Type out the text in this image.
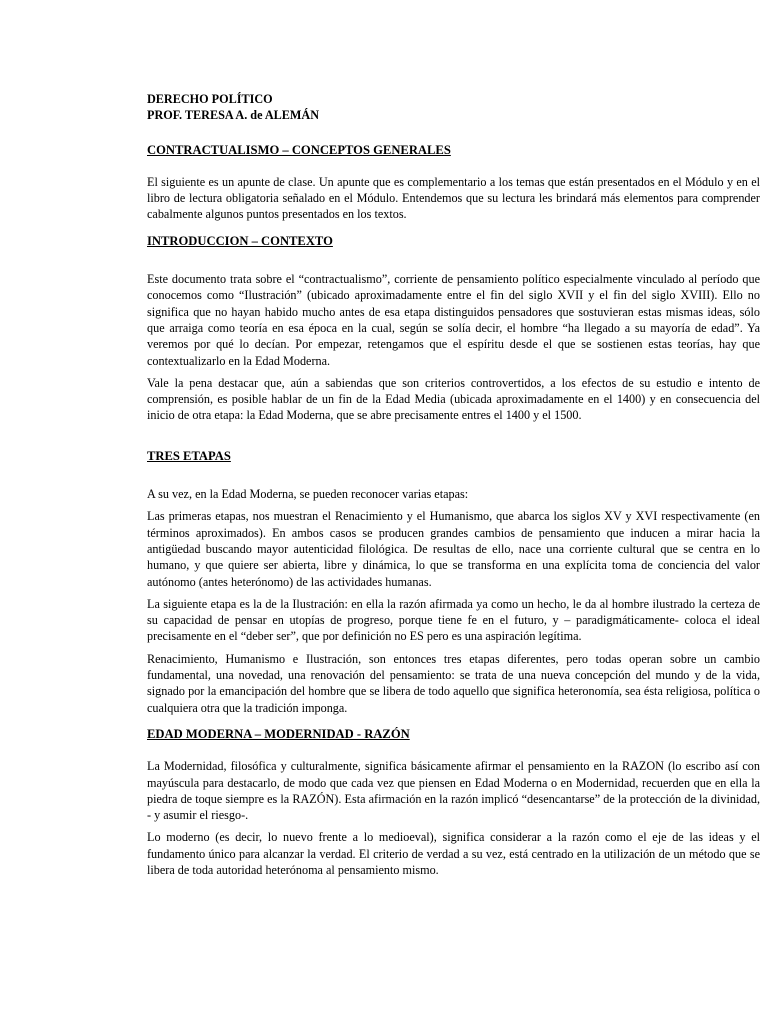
DERECHO POLÍTICO

PROF. TERESA A. de ALEMÁN

CONTRACTUALISMO – CONCEPTOS GENERALES

El siguiente es un apunte de clase. Un apunte que es complementario a los temas que están presentados en el Módulo y en el libro de lectura obligatoria señalado en el Módulo. Entendemos que su lectura les brindará más elementos para comprender cabalmente algunos puntos presentados en los textos.

INTRODUCCION – CONTEXTO

Este documento trata sobre el “contractualismo”, corriente de pensamiento político especialmente vinculado al período que conocemos como “Ilustración” (ubicado aproximadamente entre el fin del siglo XVII y el fin del siglo XVIII). Ello no significa que no hayan habido mucho antes de esa etapa distinguidos pensadores que sostuvieran estas mismas ideas, sólo que arraiga como teoría en esa época en la cual, según se solía decir, el hombre “ha llegado a su mayoría de edad”. Ya veremos por qué lo decían. Por empezar, retengamos que el espíritu desde el que se sostienen estas teorías, hay que contextualizarlo en la Edad Moderna.

Vale la pena destacar que, aún a sabiendas que son criterios controvertidos, a los efectos de su estudio e intento de comprensión, es posible hablar de un fin de la Edad Media (ubicada aproximadamente en el 1400) y en consecuencia del inicio de otra etapa: la Edad Moderna, que se abre precisamente entres el 1400 y el 1500.

TRES ETAPAS

A su vez, en la Edad Moderna, se pueden reconocer varias etapas:

Las primeras etapas, nos muestran el Renacimiento y el Humanismo, que abarca los siglos XV y XVI respectivamente (en términos aproximados). En ambos casos se producen grandes cambios de pensamiento que inducen a mirar hacia la antigüedad buscando mayor autenticidad filológica. De resultas de ello, nace una corriente cultural que se centra en lo humano, y que quiere ser abierta, libre y dinámica, lo que se transforma en una explícita toma de conciencia del valor autónomo (antes heterónomo) de las actividades humanas.

La siguiente etapa es la de la Ilustración: en ella la razón afirmada ya como un hecho, le da al hombre ilustrado la certeza de su capacidad de pensar en utopías de progreso, porque tiene fe en el futuro, y – paradigmáticamente- coloca el ideal precisamente en el “deber ser”, que por definición no ES pero es una aspiración legítima.

Renacimiento, Humanismo e Ilustración, son entonces tres etapas diferentes, pero todas operan sobre un cambio fundamental, una novedad, una renovación del pensamiento: se trata de una nueva concepción del mundo y de la vida, signado por la emancipación del hombre que se libera de todo aquello que significa heteronomía, sea ésta religiosa, política o cualquiera otra que la tradición imponga.

EDAD MODERNA – MODERNIDAD - RAZÓN

La Modernidad, filosófica y culturalmente, significa básicamente afirmar el pensamiento en la RAZON (lo escribo así con mayúscula para destacarlo, de modo que cada vez que piensen en Edad Moderna o en Modernidad, recuerden que en ella la piedra de toque siempre es la RAZÓN). Esta afirmación en la razón implicó “desencantarse” de la protección de la divinidad, - y asumir el riesgo-.

Lo moderno (es decir, lo nuevo frente a lo medioeval), significa considerar a la razón como el eje de las ideas y el fundamento único para alcanzar la verdad. El criterio de verdad a su vez, está centrado en la utilización de un método que se libera de toda autoridad heterónoma al pensamiento mismo.
